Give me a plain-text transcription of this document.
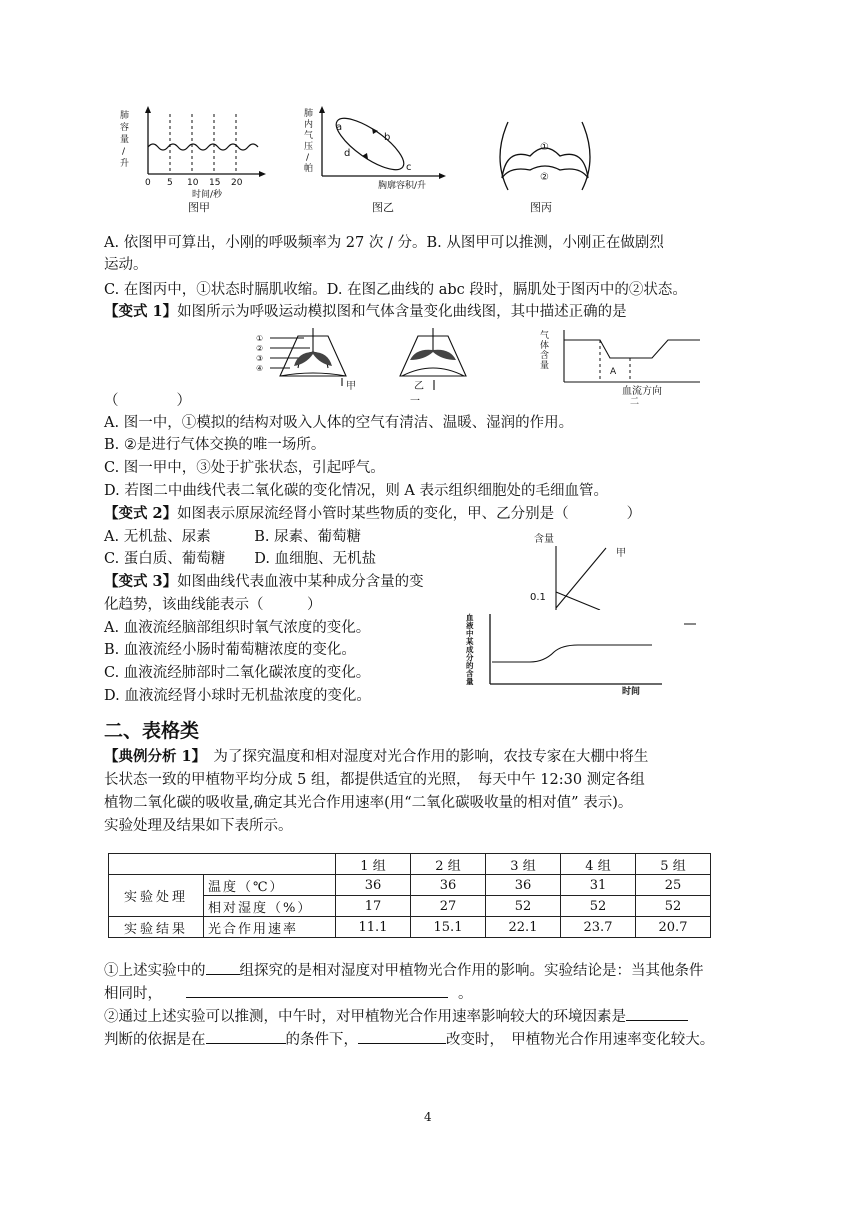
肺
容
量
/
升
0 5 10 15 20
时间/秒
图甲
肺
内
气
压
/
帕
a
b
c
d
胸廓容积/升
图乙
①
②
图丙
A. 依图甲可算出，小刚的呼吸频率为 27 次 / 分。B. 从图甲可以推测，小刚正在做剧烈
运动。
C. 在图丙中，①状态时膈肌收缩。D. 在图乙曲线的 abc 段时，膈肌处于图丙中的②状态。
【变式 1】如图所示为呼吸运动模拟图和气体含量变化曲线图，其中描述正确的是
①
②
③
④
甲	乙
气
体
含
量
A
血流方向
二
一
（　　　　）
A. 图一中，①模拟的结构对吸入人体的空气有清洁、温暖、湿润的作用。
B. ②是进行气体交换的唯一场所。
C. 图一甲中，③处于扩张状态，引起呼气。
D. 若图二中曲线代表二氧化碳的变化情况，则 A 表示组织细胞处的毛细血管。
【变式 2】如图表示原尿流经肾小管时某些物质的变化，甲、乙分别是（　　　　）
A. 无机盐、尿素　　　B. 尿素、葡萄糖
C. 蛋白质、葡萄糖　　D. 血细胞、无机盐
含量
甲
0.1
【变式 3】如图曲线代表血液中某种成分含量的变
化趋势，该曲线能表示（　　　）
A. 血液流经脑部组织时氧气浓度的变化。
B. 血液流经小肠时葡萄糖浓度的变化。
C. 血液流经肺部时二氧化碳浓度的变化。
D. 血液流经肾小球时无机盐浓度的变化。
血
液
中
某
成
分
的
含
量
时间
二、表格类
【典例分析 1】　为了探究温度和相对湿度对光合作用的影响，农技专家在大棚中将生
长状态一致的甲植物平均分成 5 组，都提供适宜的光照，　每天中午 12:30 测定各组
植物二氧化碳的吸收量,确定其光合作用速率(用“二氧化碳吸收量的相对值” 表示)。
实验处理及结果如下表所示。
		1 组	2 组	3 组	4 组	5 组
实验处理	温度（℃）	36	36	36	31	25
	相对湿度（%）	17	27	52	52	52
实验结果	光合作用速率	11.1	15.1	22.1	23.7	20.7
①上述实验中的 组探究的是相对湿度对甲植物光合作用的影响。实验结论是：当其他条件
相同时，	。
②通过上述实验可以推测，中午时，对甲植物光合作用速率影响较大的环境因素是
判断的依据是在	的条件下，	改变时，　甲植物光合作用速率变化较大。
4
